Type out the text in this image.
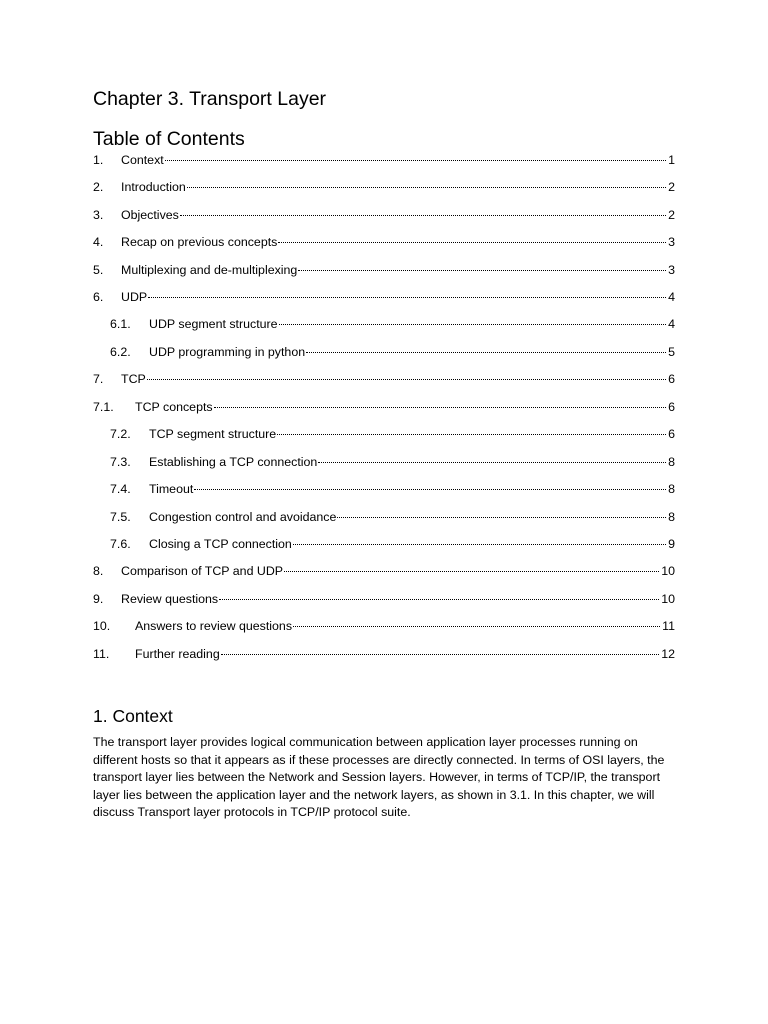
Chapter 3. Transport Layer
Table of Contents
1.	Context	1
2.	Introduction	2
3.	Objectives	2
4.	Recap on previous concepts	3
5.	Multiplexing and de-multiplexing	3
6.	UDP	4
6.1.	UDP segment structure	4
6.2.	UDP programming in python	5
7.	TCP	6
7.1.	TCP concepts	6
7.2.	TCP segment structure	6
7.3.	Establishing a TCP connection	8
7.4.	Timeout	8
7.5.	Congestion control and avoidance	8
7.6.	Closing a TCP connection	9
8.	Comparison of TCP and UDP	10
9.	Review questions	10
10.	Answers to review questions	11
11.	Further reading	12
1. Context

The transport layer provides logical communication between application layer processes running on different hosts so that it appears as if these processes are directly connected. In terms of OSI layers, the transport layer lies between the Network and Session layers. However, in terms of TCP/IP, the transport layer lies between the application layer and the network layers, as shown in 3.1. In this chapter, we will discuss Transport layer protocols in TCP/IP protocol suite.
